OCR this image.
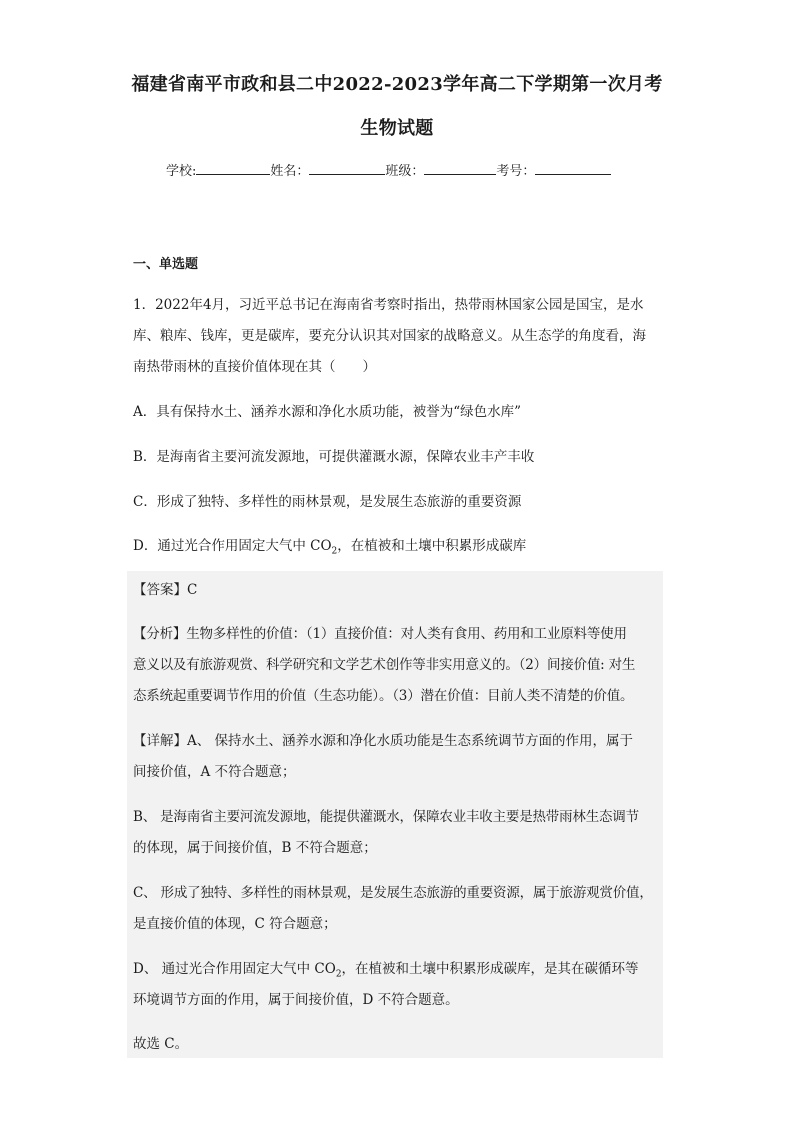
福建省南平市政和县二中2022-2023学年高二下学期第一次月考
生物试题
学校:	姓名：	班级：	考号：
一、单选题
1．2022年4月，习近平总书记在海南省考察时指出，热带雨林国家公园是国宝，是水
库、粮库、钱库，更是碳库，要充分认识其对国家的战略意义。从生态学的角度看，海
南热带雨林的直接价值体现在其（　　）
A．具有保持水土、涵养水源和净化水质功能，被誉为“绿色水库”
B．是海南省主要河流发源地，可提供灌溉水源，保障农业丰产丰收
C．形成了独特、多样性的雨林景观，是发展生态旅游的重要资源
D．通过光合作用固定大气中 $CO_2$，在植被和土壤中积累形成碳库
【答案】C
【分析】生物多样性的价值：（1）直接价值：对人类有食用、药用和工业原料等使用
意义以及有旅游观赏、科学研究和文学艺术创作等非实用意义的。（2）间接价值: 对生
态系统起重要调节作用的价值（生态功能）。（3）潜在价值：目前人类不清楚的价值。
【详解】A、 保持水土、涵养水源和净化水质功能是生态系统调节方面的作用，属于
间接价值，A 不符合题意；
B、 是海南省主要河流发源地，能提供灌溉水，保障农业丰收主要是热带雨林生态调节
的体现，属于间接价值，B 不符合题意；
C、 形成了独特、多样性的雨林景观，是发展生态旅游的重要资源，属于旅游观赏价值，
是直接价值的体现，C 符合题意；
D、 通过光合作用固定大气中 $CO_2$，在植被和土壤中积累形成碳库，是其在碳循环等
环境调节方面的作用，属于间接价值，D 不符合题意。
故选 C。
